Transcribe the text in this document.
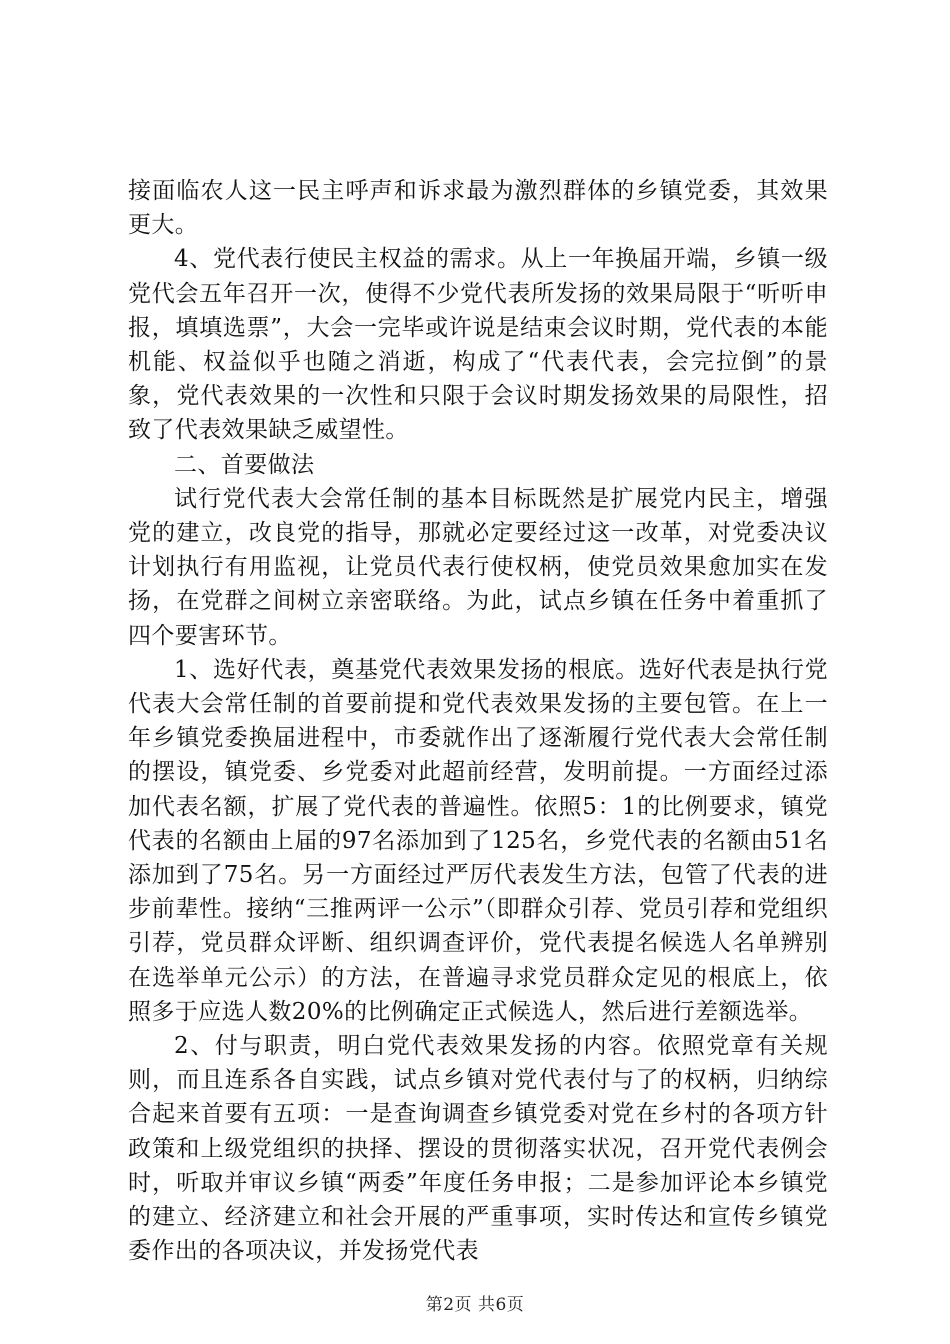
接面临农人这一民主呼声和诉求最为激烈群体的乡镇党委，其效果更大。

4、党代表行使民主权益的需求。从上一年换届开端，乡镇一级党代会五年召开一次，使得不少党代表所发扬的效果局限于“听听申报，填填选票”，大会一完毕或许说是结束会议时期，党代表的本能机能、权益似乎也随之消逝，构成了“代表代表，会完拉倒”的景象，党代表效果的一次性和只限于会议时期发扬效果的局限性，招致了代表效果缺乏威望性。

二、首要做法

试行党代表大会常任制的基本目标既然是扩展党内民主，增强党的建立，改良党的指导，那就必定要经过这一改革，对党委决议计划执行有用监视，让党员代表行使权柄，使党员效果愈加实在发扬，在党群之间树立亲密联络。为此，试点乡镇在任务中着重抓了四个要害环节。

1、选好代表，奠基党代表效果发扬的根底。选好代表是执行党代表大会常任制的首要前提和党代表效果发扬的主要包管。在上一年乡镇党委换届进程中，市委就作出了逐渐履行党代表大会常任制的摆设，镇党委、乡党委对此超前经营，发明前提。一方面经过添加代表名额，扩展了党代表的普遍性。依照5：1的比例要求，镇党代表的名额由上届的97名添加到了125名，乡党代表的名额由51名添加到了75名。另一方面经过严厉代表发生方法，包管了代表的进步前辈性。接纳“三推两评一公示”（即群众引荐、党员引荐和党组织引荐，党员群众评断、组织调查评价，党代表提名候选人名单辨别在选举单元公示）的方法，在普遍寻求党员群众定见的根底上，依照多于应选人数20%的比例确定正式候选人，然后进行差额选举。

2、付与职责，明白党代表效果发扬的内容。依照党章有关规则，而且连系各自实践，试点乡镇对党代表付与了的权柄，归纳综合起来首要有五项：一是查询调查乡镇党委对党在乡村的各项方针政策和上级党组织的抉择、摆设的贯彻落实状况，召开党代表例会时，听取并审议乡镇“两委”年度任务申报；二是参加评论本乡镇党的建立、经济建立和社会开展的严重事项，实时传达和宣传乡镇党委作出的各项决议，并发扬党代表

第2页 共6页
